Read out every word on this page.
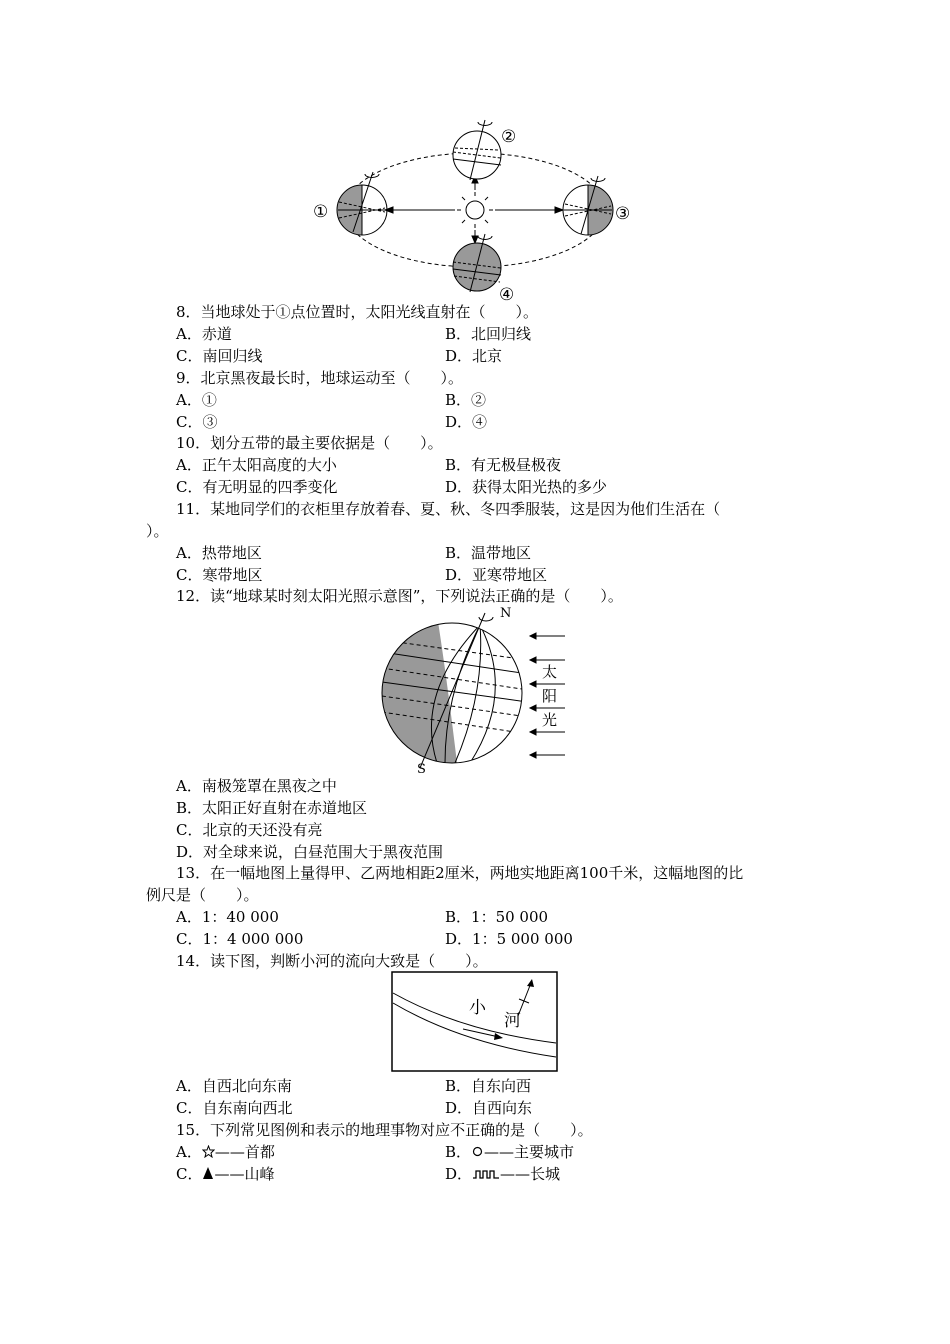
①
②
③
④
8．当地球处于①点位置时，太阳光线直射在（　　）。
A．赤道	B．北回归线
C．南回归线	D．北京
9．北京黑夜最长时，地球运动至（　　）。
A．①	B．②
C．③	D．④
10．划分五带的最主要依据是（　　）。
A．正午太阳高度的大小	B．有无极昼极夜
C．有无明显的四季变化	D．获得太阳光热的多少
11．某地同学们的衣柜里存放着春、夏、秋、冬四季服装，这是因为他们生活在（
）。
A．热带地区	B．温带地区
C．寒带地区	D．亚寒带地区
12．读“地球某时刻太阳光照示意图”，下列说法正确的是（　　）。
N
S
太
阳
光
A．南极笼罩在黑夜之中
B．太阳正好直射在赤道地区
C．北京的天还没有亮
D．对全球来说，白昼范围大于黑夜范围
13．在一幅地图上量得甲、乙两地相距2厘米，两地实地距离100千米，这幅地图的比
例尺是（　　）。
A．1：40 000	B．1：50 000
C．1：4 000 000	D．1：5 000 000
14．读下图，判断小河的流向大致是（　　）。
小
河
A．自西北向东南	B．自东向西
C．自东南向西北	D．自西向东
15．下列常见图例和表示的地理事物对应不正确的是（　　）。
A． ——首都	B． ——主要城市
C． ——山峰	D． ——长城
